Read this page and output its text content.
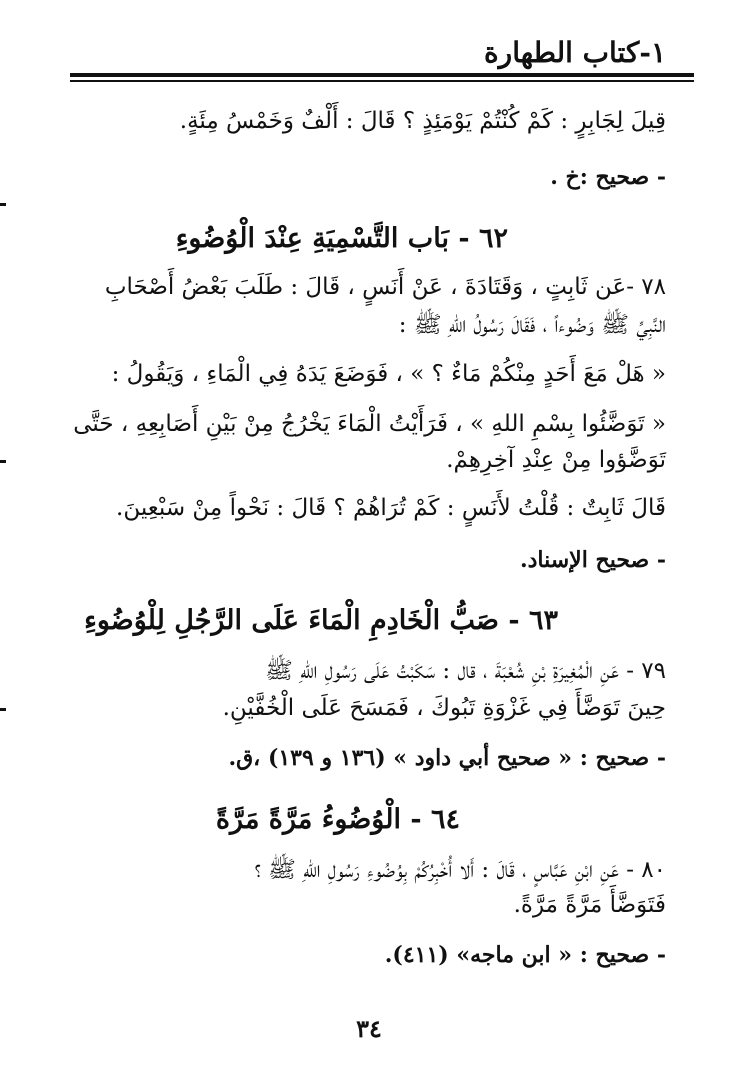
١-كتاب الطهارة
قِيلَ لِجَابِرٍ : كَمْ كُنْتُمْ يَوْمَئِذٍ ؟ قَالَ : أَلْفٌ وَخَمْسُ مِئَةٍ.
- صحيح :خ .
٦٢ - بَاب التَّسْمِيَةِ عِنْدَ الْوُضُوءِ
٧٨ -عَن ثَابِتٍ ، وَقَتَادَةَ ، عَنْ أَنَسٍ ، قَالَ : طَلَبَ بَعْضُ أَصْحَابِ
النَّبِيِّ ﷺ وَضُوءاً ، فَقَالَ رَسُولُ اللهِ ﷺ :
« هَلْ مَعَ أَحَدٍ مِنْكُمْ مَاءٌ ؟ » ، فَوَضَعَ يَدَهُ فِي الْمَاءِ ، وَيَقُولُ :
« تَوَضَّئُوا بِسْمِ اللهِ » ، فَرَأَيْتُ الْمَاءَ يَخْرُجُ مِنْ بَيْنِ أَصَابِعِهِ ، حَتَّى
تَوَضَّؤوا مِنْ عِنْدِ آخِرِهِمْ.
قَالَ ثَابِتٌ : قُلْتُ لأَنَسٍ : كَمْ تُرَاهُمْ ؟ قَالَ : نَحْواً مِنْ سَبْعِينَ.
- صحيح الإسناد.
٦٣ - صَبُّ الْخَادِمِ الْمَاءَ عَلَى الرَّجُلِ لِلْوُضُوءِ
٧٩ - عَنِ الْمُغِيرَةِ بْنِ شُعْبَةَ ، قال : سَكَبْتُ عَلَى رَسُولِ اللهِ ﷺ
حِينَ تَوَضَّأَ فِي غَزْوَةِ تَبُوكَ ، فَمَسَحَ عَلَى الْخُفَّيْنِ.
- صحيح : « صحيح أبي داود » (١٣٦ و ١٣٩) ،ق.
٦٤ - الْوُضُوءُ مَرَّةً مَرَّةً
٨٠ - عَنِ ابْنِ عَبَّاسٍ ، قَالَ : أَلا أُخْبِرُكُمْ بِوُضُوءِ رَسُولِ اللهِ ﷺ ؟
فَتَوَضَّأَ مَرَّةً مَرَّةً.
- صحيح : « ابن ماجه» (٤١١).
٣٤
